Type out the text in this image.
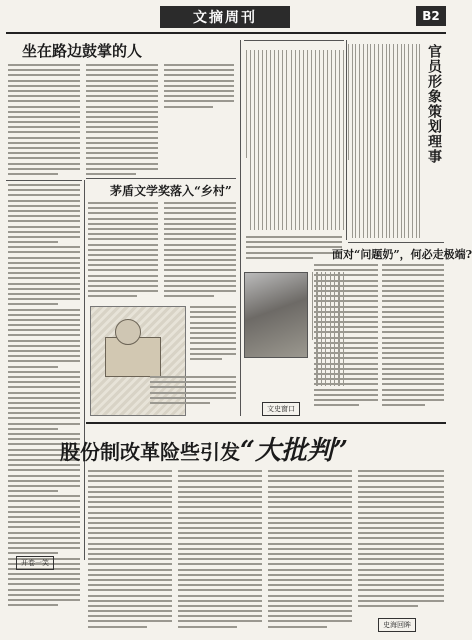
文摘周刊	B2
坐在路边鼓掌的人
开卷一笑
茅盾文学奖落入“乡村”
文史窗口
官员形象策划理事
面对“问题奶”，何必走极端?
股份制改革险些引发“大批判”
史海回眸
